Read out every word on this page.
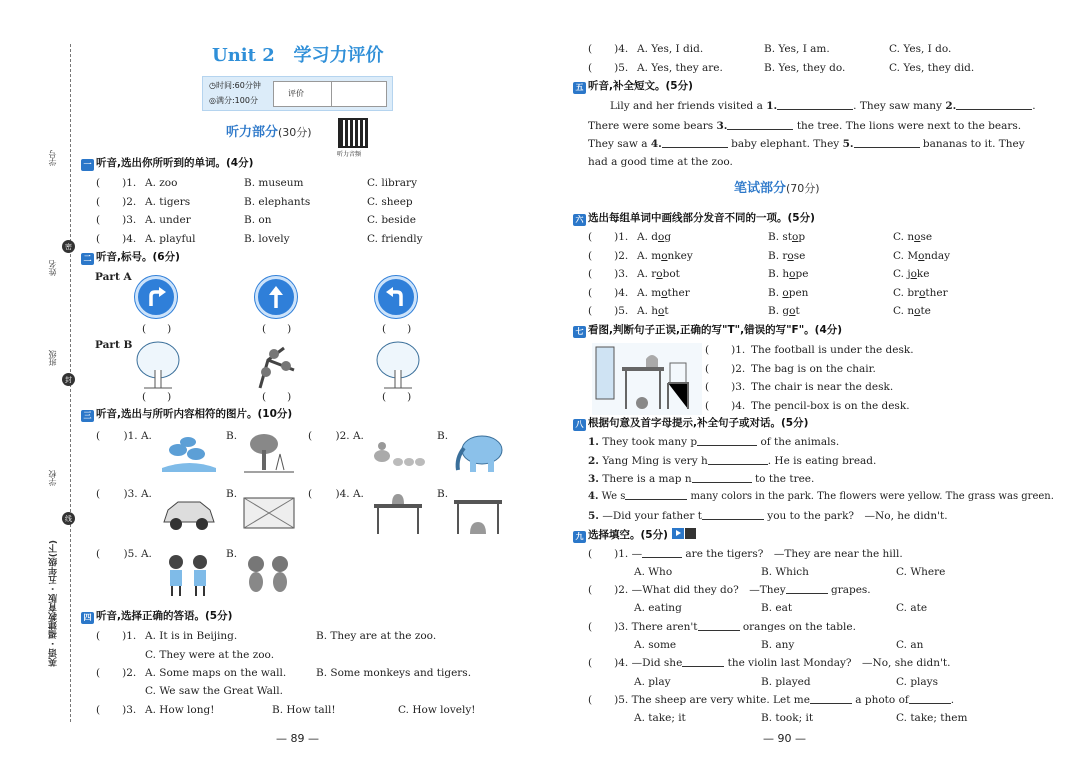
学号
密
姓名
封
班级
线
学校
英语 · 福建教育版 · 五年级(下)
Unit 2 学习力评价
◷时间:60分钟
◎满分:100分
评价
听力部分(30分)
听力音频
一 听音,选出你所听到的单词。(4分)
( )1. A. zoo	B. museum	C. library
( )2. A. tigers	B. elephants	C. sheep
( )3. A. under	B. on	C. beside
( )4. A. playful	B. lovely	C. friendly
二 听音,标号。(6分)
Part A
(　　)	(　　)	(　　)
Part B
(　　)	(　　)	(　　)
三 听音,选出与所听内容相符的图片。(10分)
( )1. A.	B.	( )2. A.	B.
( )3. A.	B.	( )4. A.	B.
( )5. A.	B.
四 听音,选择正确的答语。(5分)
( )1. A. It is in Beijing.	B. They are at the zoo.
C. They were at the zoo.
( )2. A. Some maps on the wall.	B. Some monkeys and tigers.
C. We saw the Great Wall.
( )3. A. How long!	B. How tall!	C. How lovely!
— 89 —
( )4. A. Yes, I did.	B. Yes, I am.	C. Yes, I do.
( )5. A. Yes, they are.	B. Yes, they do.	C. Yes, they did.
五 听音,补全短文。(5分)
Lily and her friends visited a 1.	. They saw many 2.	.
There were some bears 3.	the tree. The lions were next to the bears.
They saw a 4.	baby elephant. They 5.	bananas to it. They
had a good time at the zoo.
笔试部分(70分)
六 选出每组单词中画线部分发音不同的一项。(5分)
( )1. A. dog	B. stop	C. nose
( )2. A. monkey	B. rose	C. Monday
( )3. A. robot	B. hope	C. joke
( )4. A. mother	B. open	C. brother
( )5. A. hot	B. got	C. note
七 看图,判断句子正误,正确的写"T",错误的写"F"。(4分)
( )1. The football is under the desk.
( )2. The bag is on the chair.
( )3. The chair is near the desk.
( )4. The pencil-box is on the desk.
八 根据句意及首字母提示,补全句子或对话。(5分)
1. They took many p	of the animals.
2. Yang Ming is very h	. He is eating bread.
3. There is a map n	to the tree.
4. We s	many colors in the park. The flowers were yellow. The grass was green.
5. —Did your father t	you to the park?　—No, he didn't.
九 选择填空。(5分)
( )1. —	are the tigers?　—They are near the hill.
A. Who	B. Which	C. Where
( )2. —What did they do?　—They	grapes.
A. eating	B. eat	C. ate
( )3. There aren't	oranges on the table.
A. some	B. any	C. an
( )4. —Did she	the violin last Monday?　—No, she didn't.
A. play	B. played	C. plays
( )5. The sheep are very white. Let me	a photo of	.
A. take; it	B. took; it	C. take; them
— 90 —
